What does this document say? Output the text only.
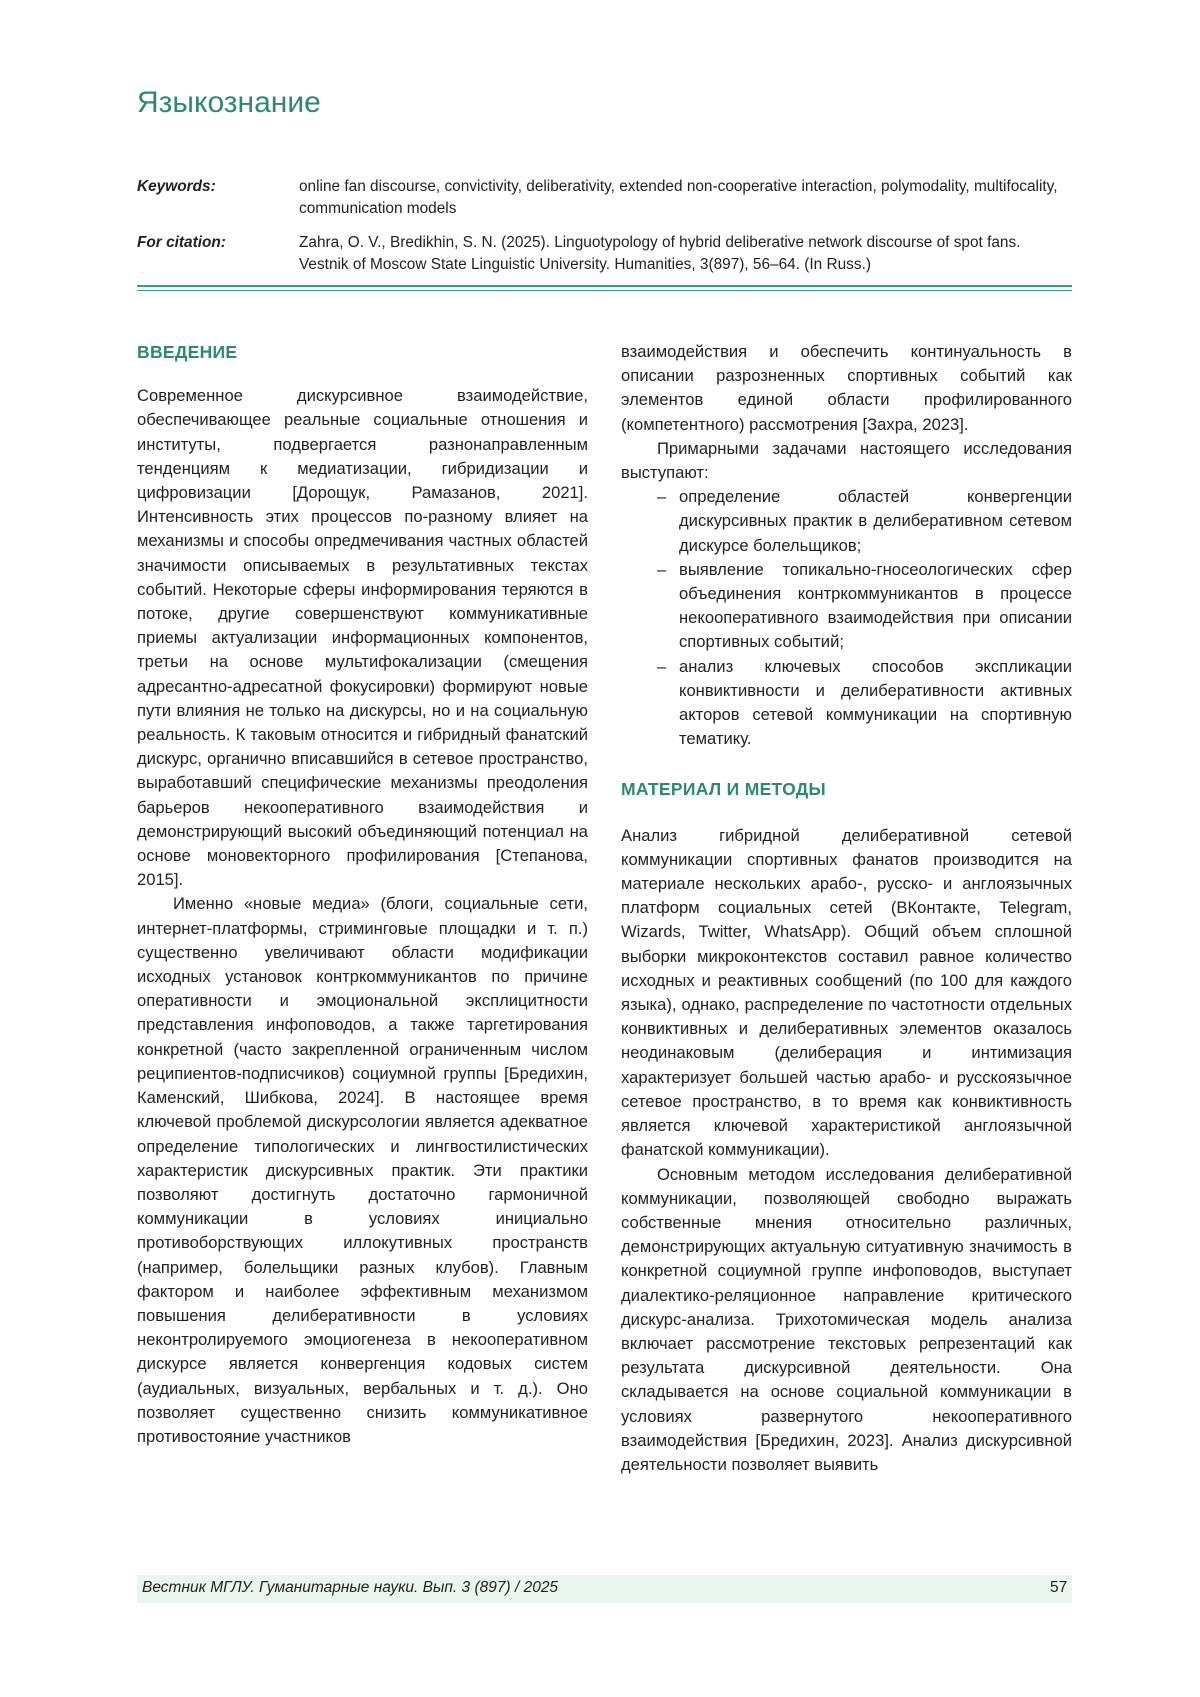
Языкознание
Keywords:	online fan discourse, convictivity, deliberativity, extended non-cooperative interaction, polymodality, multifocality, communication models
For citation:	Zahra, O. V., Bredikhin, S. N. (2025). Linguotypology of hybrid deliberative network discourse of spot fans. Vestnik of Moscow State Linguistic University. Humanities, 3(897), 56–64. (In Russ.)
ВВЕДЕНИЕ

Современное дискурсивное взаимодействие, обеспечивающее реальные социальные отношения и институты, подвергается разнонаправленным тенденциям к медиатизации, гибридизации и цифровизации [Дорощук, Рамазанов, 2021]. Интенсивность этих процессов по-разному влияет на механизмы и способы опредмечивания частных областей значимости описываемых в результативных текстах событий. Некоторые сферы информирования теряются в потоке, другие совершенствуют коммуникативные приемы актуализации информационных компонентов, третьи на основе мультифокализации (смещения адресантно-адресатной фокусировки) формируют новые пути влияния не только на дискурсы, но и на социальную реальность. К таковым относится и гибридный фанатский дискурс, органично вписавшийся в сетевое пространство, выработавший специфические механизмы преодоления барьеров некооперативного взаимодействия и демонстрирующий высокий объединяющий потенциал на основе моновекторного профилирования [Степанова, 2015].

Именно «новые медиа» (блоги, социальные сети, интернет-платформы, стриминговые площадки и т. п.) существенно увеличивают области модификации исходных установок контркоммуникантов по причине оперативности и эмоциональной эксплицитности представления инфоповодов, а также таргетирования конкретной (часто закрепленной ограниченным числом реципиентов-подписчиков) социумной группы [Бредихин, Каменский, Шибкова, 2024]. В настоящее время ключевой проблемой дискурсологии является адекватное определение типологических и лингвостилистических характеристик дискурсивных практик. Эти практики позволяют достигнуть достаточно гармоничной коммуникации в условиях инициально противоборствующих иллокутивных пространств (например, болельщики разных клубов). Главным фактором и наиболее эффективным механизмом повышения делиберативности в условиях неконтролируемого эмоциогенеза в некооперативном дискурсе является конвергенция кодовых систем (аудиальных, визуальных, вербальных и т. д.). Оно позволяет существенно снизить коммуникативное противостояние участников

взаимодействия и обеспечить континуальность в описании разрозненных спортивных событий как элементов единой области профилированного (компетентного) рассмотрения [Захра, 2023].

Примарными задачами настоящего исследования выступают:

– определение областей конвергенции дискурсивных практик в делиберативном сетевом дискурсе болельщиков;
– выявление топикально-гносеологических сфер объединения контркоммуникантов в процессе некооперативного взаимодействия при описании спортивных событий;
– анализ ключевых способов экспликации конвиктивности и делиберативности активных акторов сетевой коммуникации на спортивную тематику.
МАТЕРИАЛ И МЕТОДЫ

Анализ гибридной делиберативной сетевой коммуникации спортивных фанатов производится на материале нескольких арабо-, русско- и англоязычных платформ социальных сетей (ВКонтакте, Telegram, Wizards, Twitter, WhatsApp). Общий объем сплошной выборки микроконтекстов составил равное количество исходных и реактивных сообщений (по 100 для каждого языка), однако, распределение по частотности отдельных конвиктивных и делиберативных элементов оказалось неодинаковым (делиберация и интимизация характеризует большей частью арабо- и русскоязычное сетевое пространство, в то время как конвиктивность является ключевой характеристикой англоязычной фанатской коммуникации).

Основным методом исследования делиберативной коммуникации, позволяющей свободно выражать собственные мнения относительно различных, демонстрирующих актуальную ситуативную значимость в конкретной социумной группе инфоповодов, выступает диалектико-реляционное направление критического дискурс-анализа. Трихотомическая модель анализа включает рассмотрение текстовых репрезентаций как результата дискурсивной деятельности. Она складывается на основе социальной коммуникации в условиях развернутого некооперативного взаимодействия [Бредихин, 2023]. Анализ дискурсивной деятельности позволяет выявить

Вестник МГЛУ. Гуманитарные науки. Вып. 3 (897) / 2025	57
